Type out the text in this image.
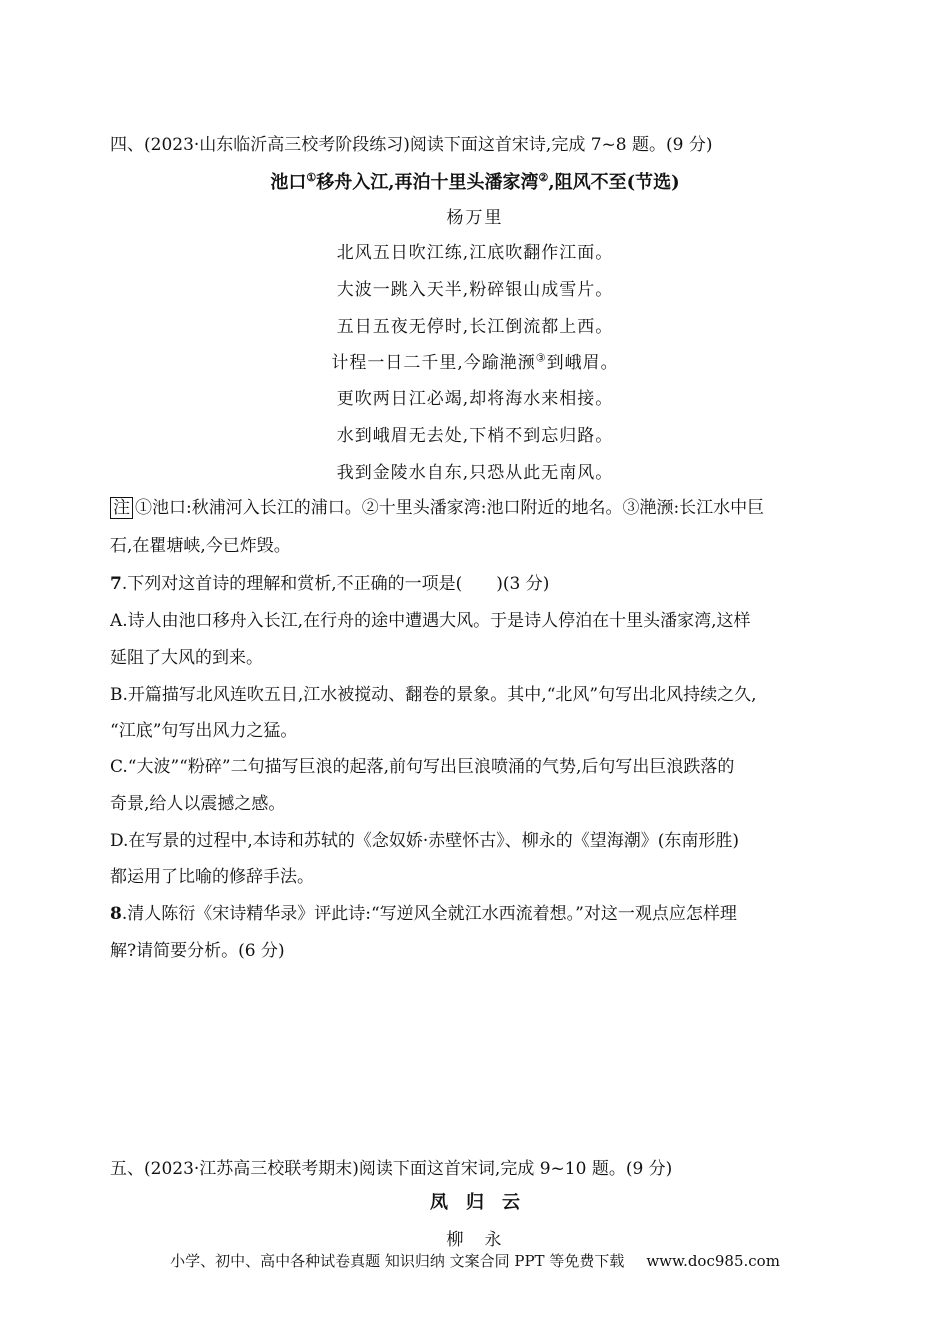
四、(2023·山东临沂高三校考阶段练习)阅读下面这首宋诗,完成 7~8 题。(9 分)
池口①移舟入江,再泊十里头潘家湾②,阻风不至(节选)
杨万里
北风五日吹江练,江底吹翻作江面。
大波一跳入天半,粉碎银山成雪片。
五日五夜无停时,长江倒流都上西。
计程一日二千里,今踰滟滪③到峨眉。
更吹两日江必竭,却将海水来相接。
水到峨眉无去处,下梢不到忘归路。
我到金陵水自东,只恐从此无南风。
注 ①池口:秋浦河入长江的浦口。②十里头潘家湾:池口附近的地名。③滟滪:长江水中巨
石,在瞿塘峡,今已炸毁。
7.下列对这首诗的理解和赏析,不正确的一项是(　　)(3 分)
A.诗人由池口移舟入长江,在行舟的途中遭遇大风。于是诗人停泊在十里头潘家湾,这样
延阻了大风的到来。
B.开篇描写北风连吹五日,江水被搅动、翻卷的景象。其中,“北风”句写出北风持续之久,
“江底”句写出风力之猛。
C.“大波”“粉碎”二句描写巨浪的起落,前句写出巨浪喷涌的气势,后句写出巨浪跌落的
奇景,给人以震撼之感。
D.在写景的过程中,本诗和苏轼的《念奴娇·赤壁怀古》、柳永的《望海潮》(东南形胜)
都运用了比喻的修辞手法。
8.清人陈衍《宋诗精华录》评此诗:“写逆风全就江水西流着想。”对这一观点应怎样理
解?请简要分析。(6 分)
五、(2023·江苏高三校联考期末)阅读下面这首宋词,完成 9~10 题。(9 分)
凤　归　云
柳　永
小学、初中、高中各种试卷真题 知识归纳 文案合同 PPT 等免费下载 www.doc985.com
